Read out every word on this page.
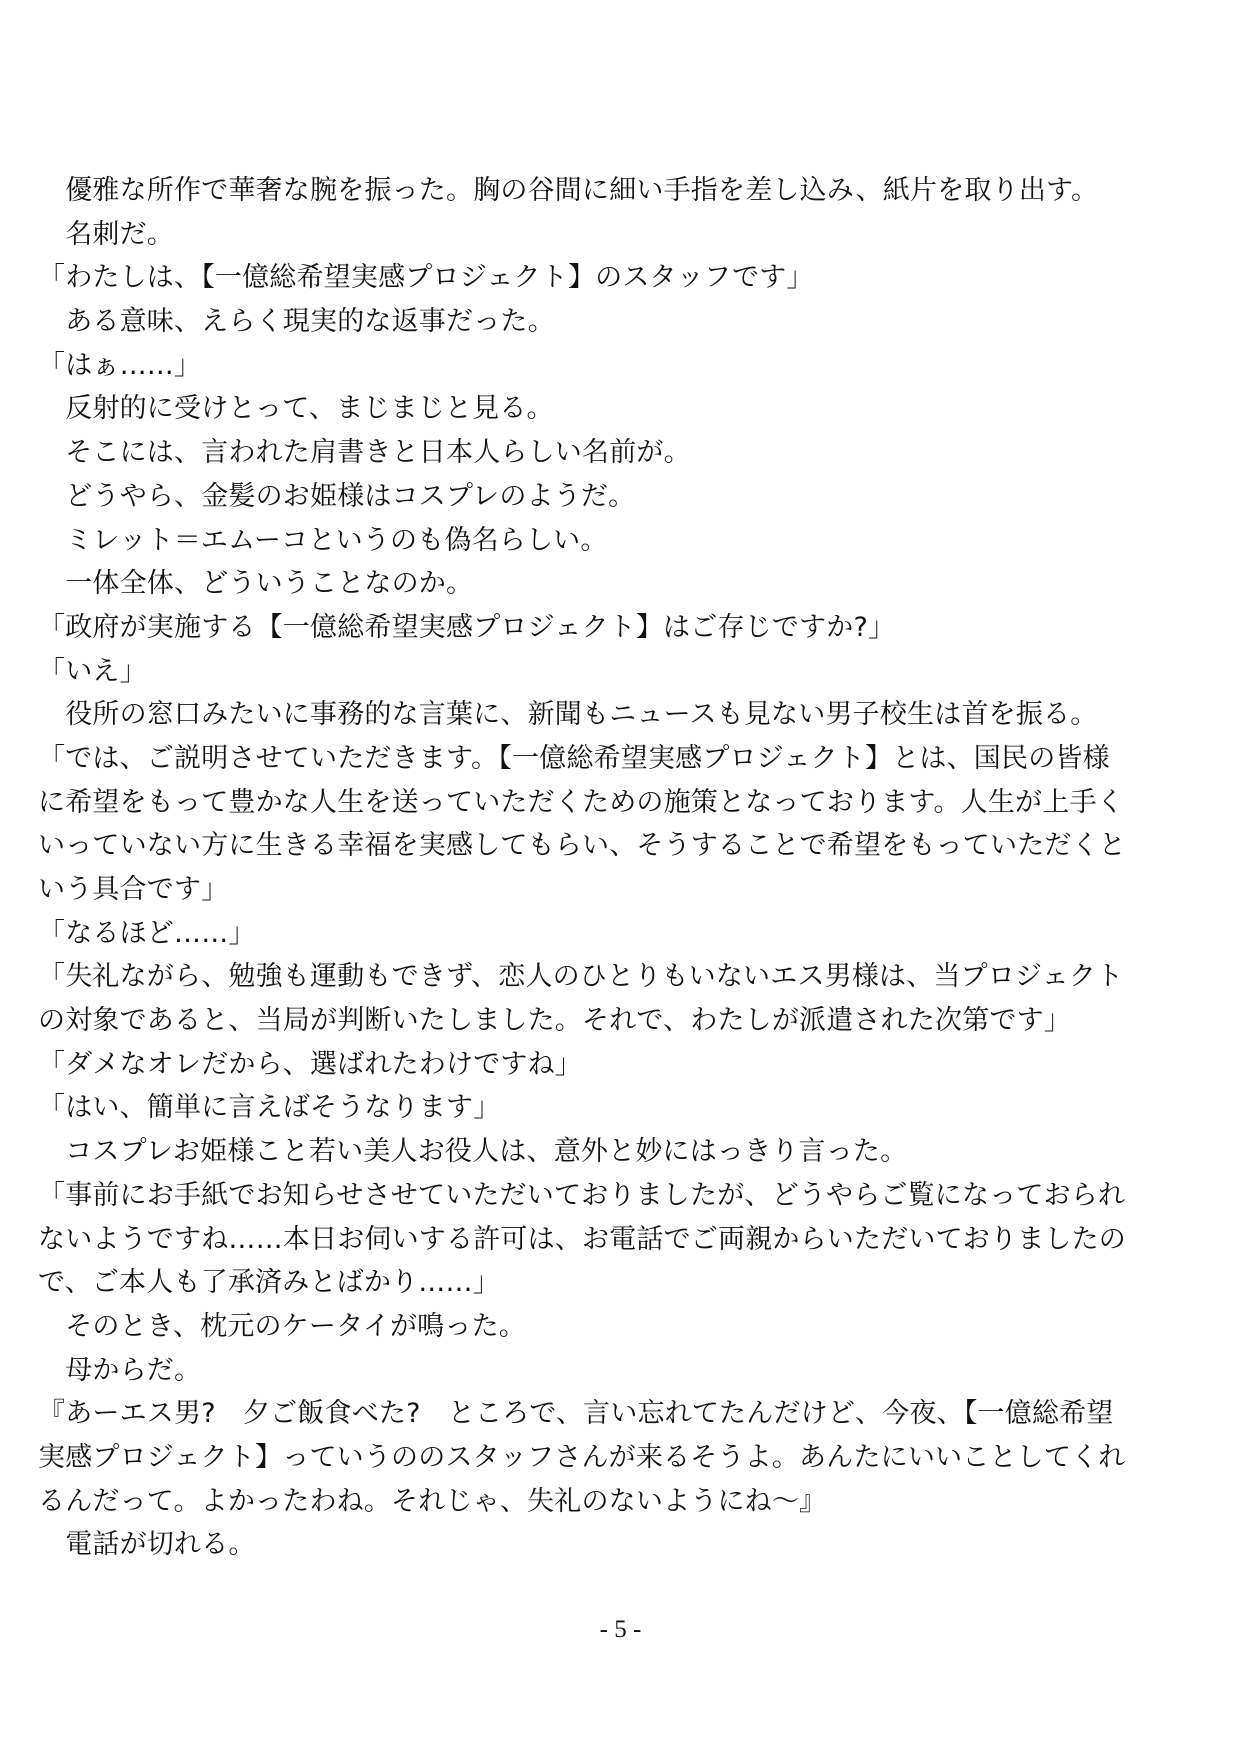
　優雅な所作で華奢な腕を振った。胸の谷間に細い手指を差し込み、紙片を取り出す。
　名刺だ。
「わたしは、【一億総希望実感プロジェクト】のスタッフです」
　ある意味、えらく現実的な返事だった。
「はぁ……」
　反射的に受けとって、まじまじと見る。
　そこには、言われた肩書きと日本人らしい名前が。
　どうやら、金髪のお姫様はコスプレのようだ。
　ミレット＝エムーコというのも偽名らしい。
　一体全体、どういうことなのか。
「政府が実施する【一億総希望実感プロジェクト】はご存じですか?」
「いえ」
　役所の窓口みたいに事務的な言葉に、新聞もニュースも見ない男子校生は首を振る。
「では、ご説明させていただきます。【一億総希望実感プロジェクト】とは、国民の皆様
に希望をもって豊かな人生を送っていただくための施策となっております。人生が上手く
いっていない方に生きる幸福を実感してもらい、そうすることで希望をもっていただくと
いう具合です」
「なるほど……」
「失礼ながら、勉強も運動もできず、恋人のひとりもいないエス男様は、当プロジェクト
の対象であると、当局が判断いたしました。それで、わたしが派遣された次第です」
「ダメなオレだから、選ばれたわけですね」
「はい、簡単に言えばそうなります」
　コスプレお姫様こと若い美人お役人は、意外と妙にはっきり言った。
「事前にお手紙でお知らせさせていただいておりましたが、どうやらご覧になっておられ
ないようですね……本日お伺いする許可は、お電話でご両親からいただいておりましたの
で、ご本人も了承済みとばかり……」
　そのとき、枕元のケータイが鳴った。
　母からだ。
『あーエス男?　夕ご飯食べた?　ところで、言い忘れてたんだけど、今夜、【一億総希望
実感プロジェクト】っていうののスタッフさんが来るそうよ。あんたにいいことしてくれ
るんだって。よかったわね。それじゃ、失礼のないようにね～』
　電話が切れる。
- 5 -
